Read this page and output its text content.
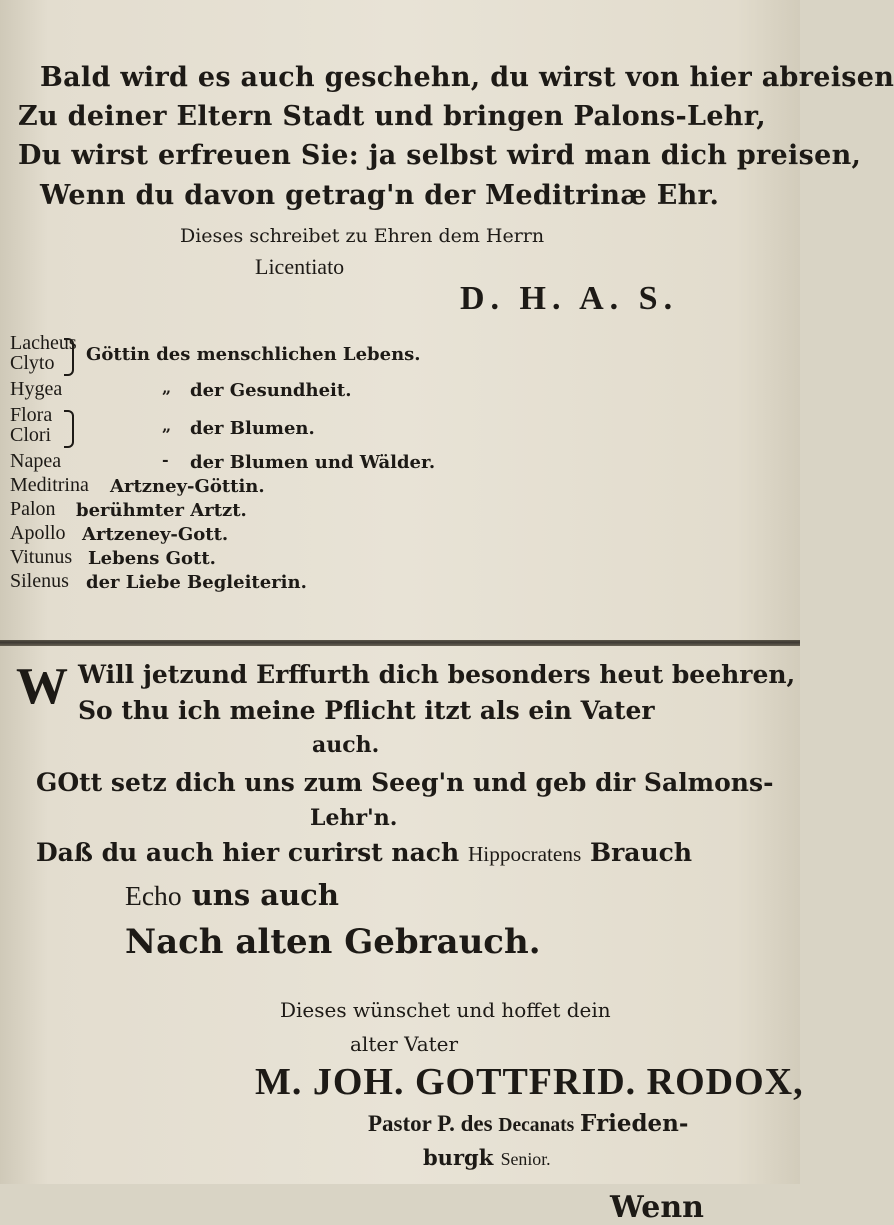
Bald wird es auch geschehn, du wirst von hier abreisen
Zu deiner Eltern Stadt und bringen Palons-Lehr,
Du wirst erfreuen Sie: ja selbst wird man dich preisen,
Wenn du davon getrag'n der Meditrinæ Ehr.
Dieses schreibet zu Ehren dem Herrn
Licentiato
D. H. A. S.
Lacheus
Clyto Göttin des menschlichen Lebens.
Hygea	„ der Gesundheit.
Flora
Clori	„ der Blumen.
Napea	- der Blumen und Wälder.
Meditrina Artzney-Göttin.
Palon berühmter Artzt.
Apollo Artzeney-Gott.
Vitunus Lebens Gott.
Silenus der Liebe Begleiterin.
W Will jetzund Erffurth dich besonders heut beehren,
So thu ich meine Pflicht itzt als ein Vater
auch.
GOtt setz dich uns zum Seeg'n und geb dir Salmons-
Lehr'n.
Daß du auch hier curirst nach Hippocratens Brauch
Echo uns auch
Nach alten Gebrauch.
Dieses wünschet und hoffet dein
alter Vater
M. JOH. GOTTFRID. RODOX,
Pastor P. des Decanats Frieden-
burgk Senior.
Wenn
